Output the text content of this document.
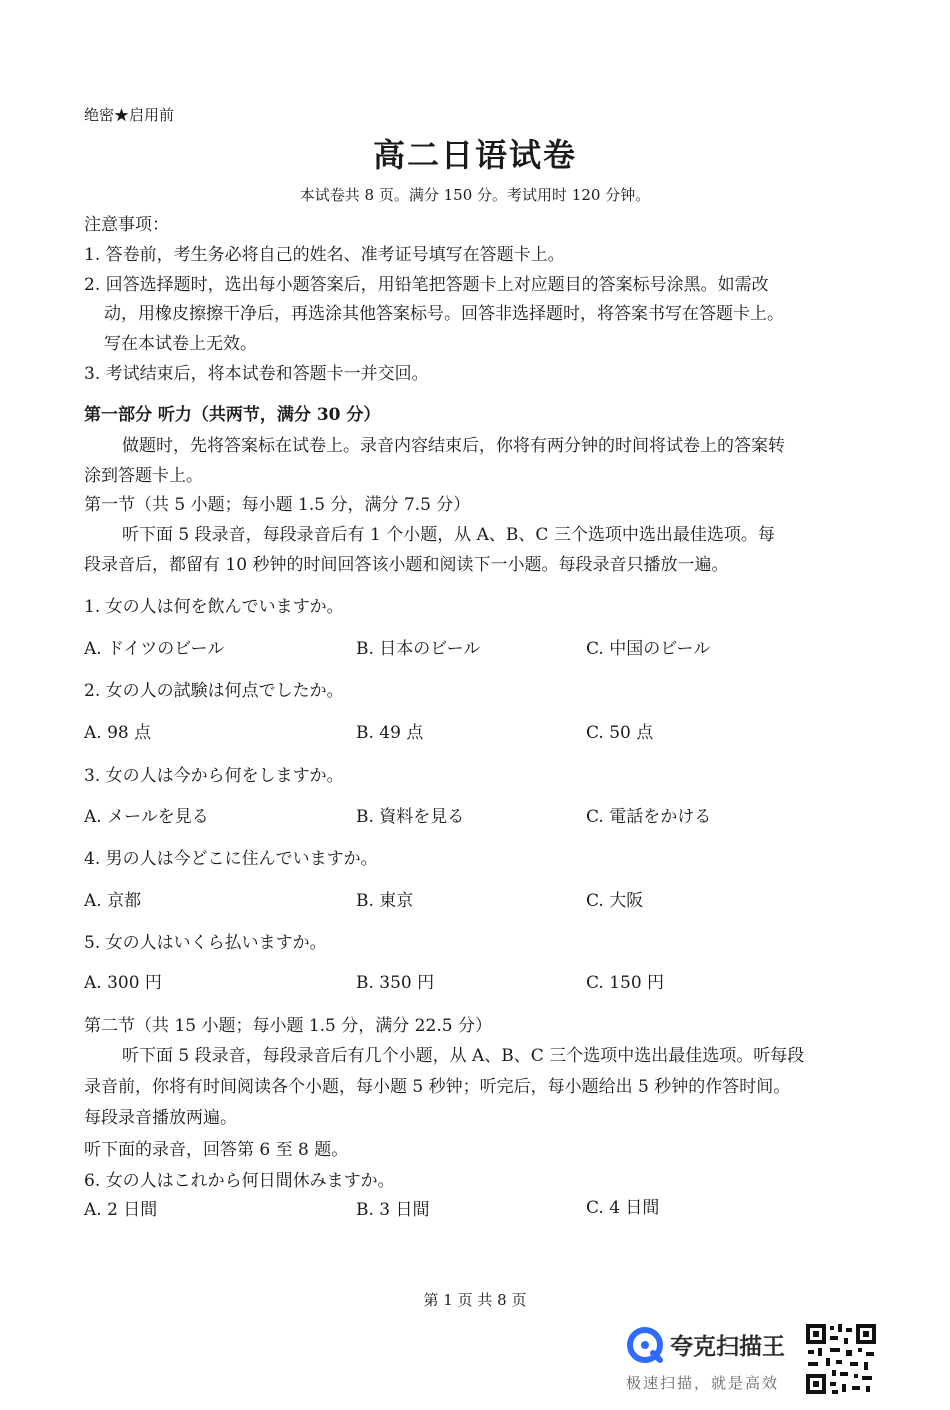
绝密★启用前
高二日语试卷
本试卷共 8 页。满分 150 分。考试用时 120 分钟。
注意事项：
1. 答卷前，考生务必将自己的姓名、准考证号填写在答题卡上。
2. 回答选择题时，选出每小题答案后，用铅笔把答题卡上对应题目的答案标号涂黑。如需改
动，用橡皮擦擦干净后，再选涂其他答案标号。回答非选择题时，将答案书写在答题卡上。
写在本试卷上无效。
3. 考试结束后，将本试卷和答题卡一并交回。
第一部分 听力（共两节，满分 30 分）
做题时，先将答案标在试卷上。录音内容结束后，你将有两分钟的时间将试卷上的答案转
涂到答题卡上。
第一节（共 5 小题；每小题 1.5 分，满分 7.5 分）
听下面 5 段录音，每段录音后有 1 个小题，从 A、B、C 三个选项中选出最佳选项。每
段录音后，都留有 10 秒钟的时间回答该小题和阅读下一小题。每段录音只播放一遍。
1. 女の人は何を飲んでいますか。
A. ドイツのビール	B. 日本のビール	C. 中国のビール
2. 女の人の試験は何点でしたか。
A. 98 点	B. 49 点	C. 50 点
3. 女の人は今から何をしますか。
A. メールを見る	B. 資料を見る	C. 電話をかける
4. 男の人は今どこに住んでいますか。
A. 京都	B. 東京	C. 大阪
5. 女の人はいくら払いますか。
A. 300 円	B. 350 円	C. 150 円
第二节（共 15 小题；每小题 1.5 分，满分 22.5 分）
听下面 5 段录音，每段录音后有几个小题，从 A、B、C 三个选项中选出最佳选项。听每段
录音前，你将有时间阅读各个小题，每小题 5 秒钟；听完后，每小题给出 5 秒钟的作答时间。
每段录音播放两遍。
听下面的录音，回答第 6 至 8 题。
6. 女の人はこれから何日間休みますか。
A. 2 日間	B. 3 日間	C. 4 日間
第 1 页 共 8 页
夸克扫描王
极速扫描，就是高效
